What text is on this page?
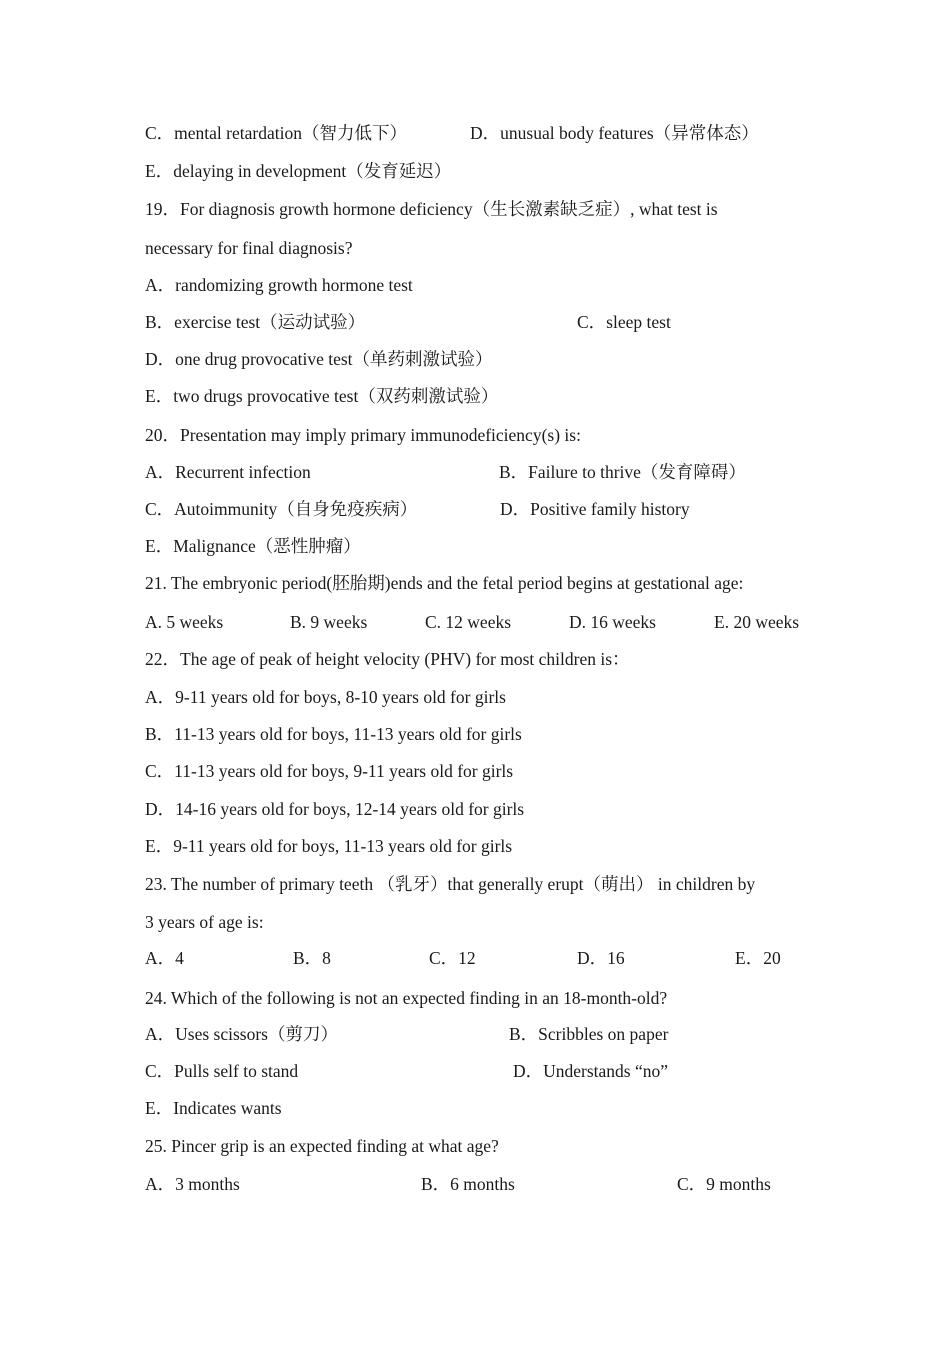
C．mental retardation（智力低下）	D．unusual body features（异常体态）
E．delaying in development（发育延迟）
19．For diagnosis growth hormone deficiency（生长激素缺乏症）, what test is
necessary for final diagnosis?
A．randomizing growth hormone test
B．exercise test（运动试验）	C．sleep test
D．one drug provocative test（单药刺激试验）
E．two drugs provocative test（双药刺激试验）
20．Presentation may imply primary immunodeficiency(s) is:
A．Recurrent infection	B．Failure to thrive（发育障碍）
C．Autoimmunity（自身免疫疾病）	D．Positive family history
E．Malignance（恶性肿瘤）
21. The embryonic period(胚胎期)ends and the fetal period begins at gestational age:
A. 5 weeks	B. 9 weeks	C. 12 weeks	D. 16 weeks	E. 20 weeks
22．The age of peak of height velocity (PHV) for most children is：
A．9-11 years old for boys, 8-10 years old for girls
B．11-13 years old for boys, 11-13 years old for girls
C．11-13 years old for boys, 9-11 years old for girls
D．14-16 years old for boys, 12-14 years old for girls
E．9-11 years old for boys, 11-13 years old for girls
23. The number of primary teeth （乳牙）that generally erupt（萌出） in children by
3 years of age is:
A．4	B．8	C．12	D．16	E．20
24. Which of the following is not an expected finding in an 18-month-old?
A．Uses scissors（剪刀）	B．Scribbles on paper
C．Pulls self to stand	D．Understands “no”
E．Indicates wants
25. Pincer grip is an expected finding at what age?
A．3 months	B．6 months	C．9 months
